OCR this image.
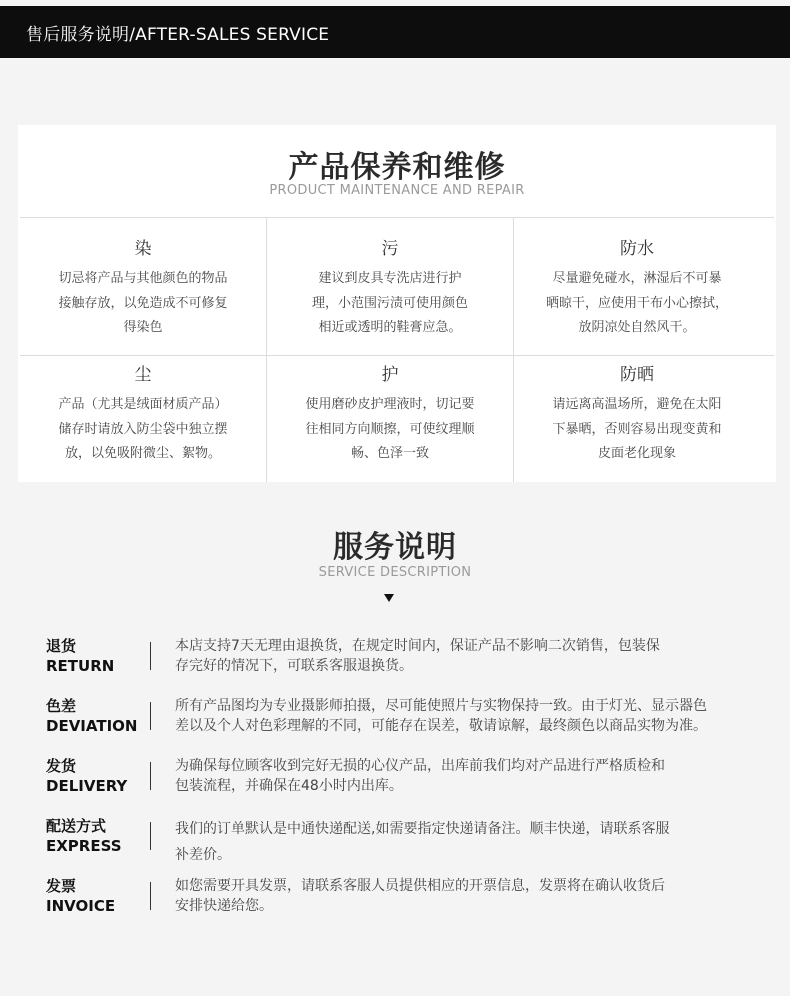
售后服务说明/AFTER-SALES SERVICE
产品保养和维修
PRODUCT MAINTENANCE AND REPAIR
染
切忌将产品与其他颜色的物品
接触存放，以免造成不可修复
得染色
污
建议到皮具专洗店进行护
理，小范围污渍可使用颜色
相近或透明的鞋膏应急。
防水
尽量避免碰水，淋湿后不可暴
晒晾干，应使用干布小心擦拭，
放阴凉处自然风干。
尘
产品（尤其是绒面材质产品）
储存时请放入防尘袋中独立摆
放，以免吸附微尘、絮物。
护
使用磨砂皮护理液时，切记要
往相同方向顺擦，可使纹理顺
畅、色泽一致
防晒
请远离高温场所，避免在太阳
下暴晒，否则容易出现变黄和
皮面老化现象
服务说明
SERVICE DESCRIPTION
退货
RETURN
本店支持7天无理由退换货，在规定时间内，保证产品不影响二次销售，包装保
存完好的情况下，可联系客服退换货。
色差
DEVIATION
所有产品图均为专业摄影师拍摄，尽可能使照片与实物保持一致。由于灯光、显示器色
差以及个人对色彩理解的不同，可能存在误差，敬请谅解，最终颜色以商品实物为准。
发货
DELIVERY
为确保每位顾客收到完好无损的心仪产品，出库前我们均对产品进行严格质检和
包装流程，并确保在48小时内出库。
配送方式
EXPRESS
我们的订单默认是中通快递配送,如需要指定快递请备注。顺丰快递，请联系客服
补差价。
发票
INVOICE
如您需要开具发票，请联系客服人员提供相应的开票信息，发票将在确认收货后
安排快递给您。
